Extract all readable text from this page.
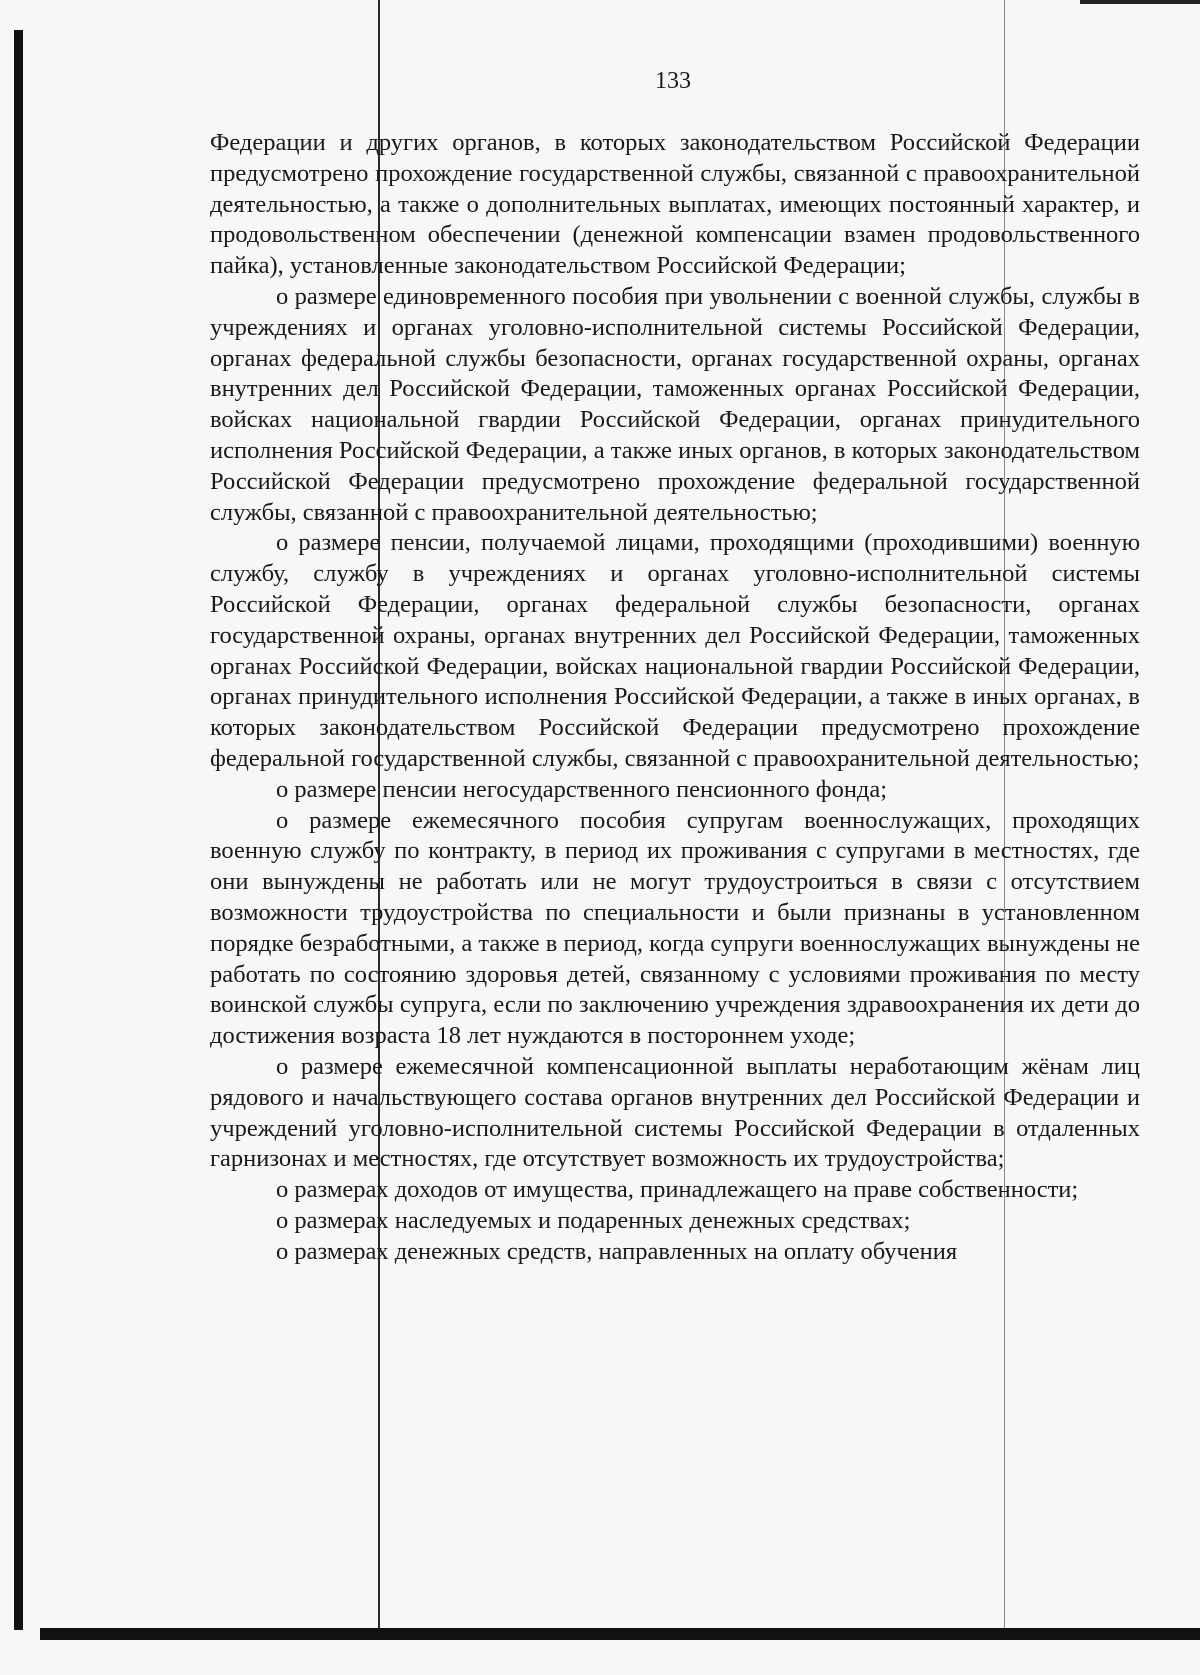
133

Федерации и других органов, в которых законодательством Российской Федерации предусмотрено прохождение государственной службы, связанной с правоохранительной деятельностью, а также о дополнительных выплатах, имеющих постоянный характер, и продовольственном обеспечении (денежной компенсации взамен продовольственного пайка), установленные законодательством Российской Федерации;

о размере единовременного пособия при увольнении с военной службы, службы в учреждениях и органах уголовно-исполнительной системы Российской Федерации, органах федеральной службы безопасности, органах государственной охраны, органах внутренних дел Российской Федерации, таможенных органах Российской Федерации, войсках национальной гвардии Российской Федерации, органах принудительного исполнения Российской Федерации, а также иных органов, в которых законодательством Российской Федерации предусмотрено прохождение федеральной государственной службы, связанной с правоохранительной деятельностью;

о размере пенсии, получаемой лицами, проходящими (проходившими) военную службу, службу в учреждениях и органах уголовно-исполнительной системы Российской Федерации, органах федеральной службы безопасности, органах государственной охраны, органах внутренних дел Российской Федерации, таможенных органах Российской Федерации, войсках национальной гвардии Российской Федерации, органах принудительного исполнения Российской Федерации, а также в иных органах, в которых законодательством Российской Федерации предусмотрено прохождение федеральной государственной службы, связанной с правоохранительной деятельностью;

о размере пенсии негосударственного пенсионного фонда;

о размере ежемесячного пособия супругам военнослужащих, проходящих военную службу по контракту, в период их проживания с супругами в местностях, где они вынуждены не работать или не могут трудоустроиться в связи с отсутствием возможности трудоустройства по специальности и были признаны в установленном порядке безработными, а также в период, когда супруги военнослужащих вынуждены не работать по состоянию здоровья детей, связанному с условиями проживания по месту воинской службы супруга, если по заключению учреждения здравоохранения их дети до достижения возраста 18 лет нуждаются в постороннем уходе;

о размере ежемесячной компенсационной выплаты неработающим жёнам лиц рядового и начальствующего состава органов внутренних дел Российской Федерации и учреждений уголовно-исполнительной системы Российской Федерации в отдаленных гарнизонах и местностях, где отсутствует возможность их трудоустройства;

о размерах доходов от имущества, принадлежащего на праве собственности;

о размерах наследуемых и подаренных денежных средствах;

о размерах денежных средств, направленных на оплату обучения
